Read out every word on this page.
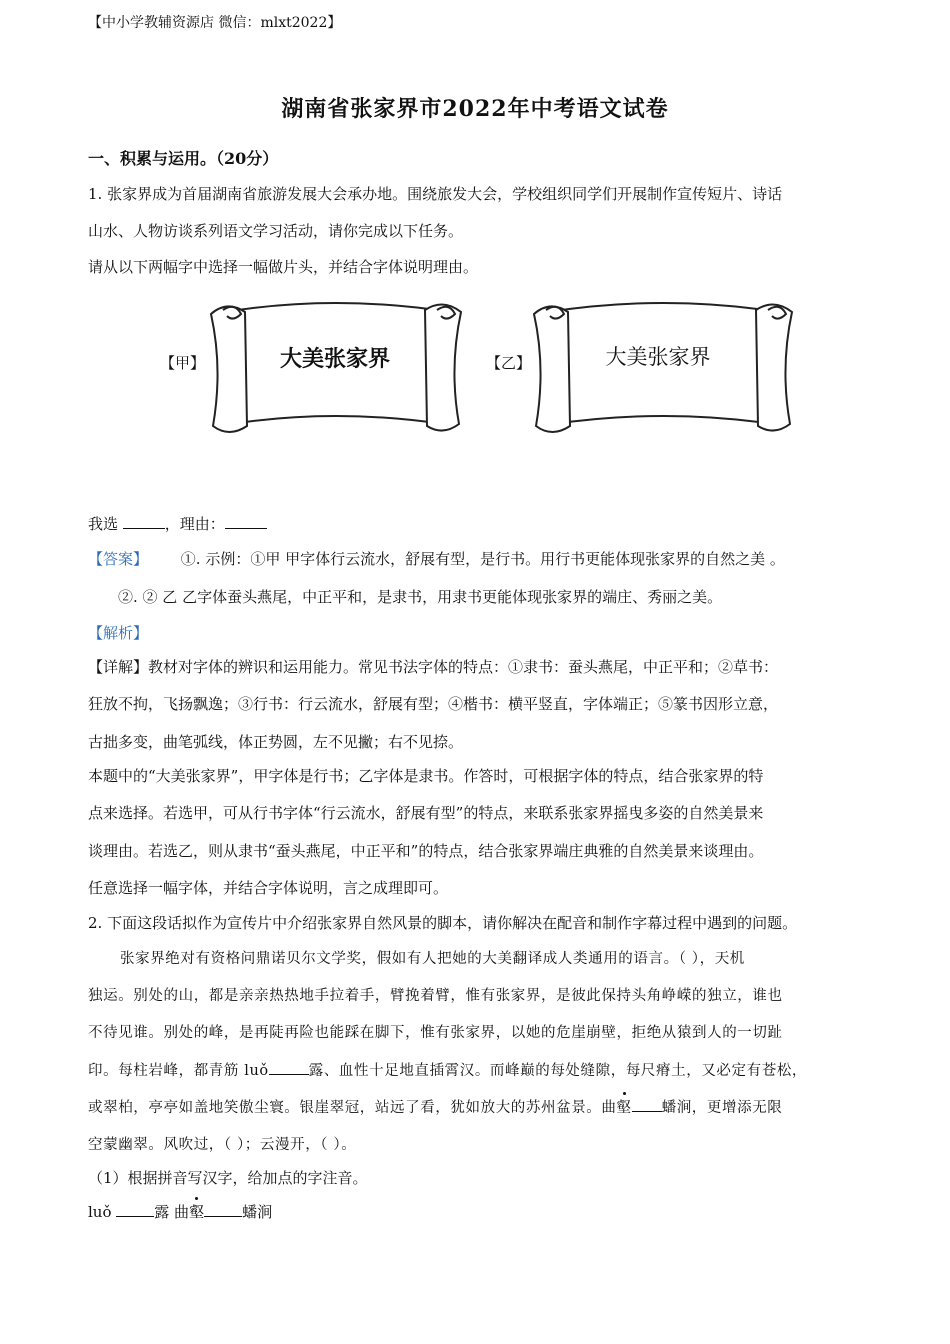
【中小学教辅资源店 微信：mlxt2022】
湖南省张家界市2022年中考语文试卷
一、积累与运用。（20分）
1. 张家界成为首届湖南省旅游发展大会承办地。围绕旅发大会，学校组织同学们开展制作宣传短片、诗话
山水、人物访谈系列语文学习活动，请你完成以下任务。
请从以下两幅字中选择一幅做片头，并结合字体说明理由。
【甲】	大美张家界	【乙】	大美张家界
我选	，理由：
【答案】 ①. 示例：①甲 甲字体行云流水，舒展有型，是行书。用行书更能体现张家界的自然之美 。
②. ② 乙 乙字体蚕头燕尾，中正平和，是隶书，用隶书更能体现张家界的端庄、秀丽之美。
【解析】
【详解】教材对字体的辨识和运用能力。常见书法字体的特点：①隶书：蚕头燕尾，中正平和；②草书：
狂放不拘，飞扬飘逸；③行书：行云流水，舒展有型；④楷书：横平竖直，字体端正；⑤篆书因形立意，
古拙多变，曲笔弧线，体正势圆，左不见撇；右不见捺。
本题中的“大美张家界”，甲字体是行书；乙字体是隶书。作答时，可根据字体的特点，结合张家界的特
点来选择。若选甲，可从行书字体“行云流水，舒展有型”的特点，来联系张家界摇曳多姿的自然美景来
谈理由。若选乙，则从隶书“蚕头燕尾，中正平和”的特点，结合张家界端庄典雅的自然美景来谈理由。
任意选择一幅字体，并结合字体说明，言之成理即可。
2. 下面这段话拟作为宣传片中介绍张家界自然风景的脚本，请你解决在配音和制作字幕过程中遇到的问题。
张家界绝对有资格问鼎诺贝尔文学奖，假如有人把她的大美翻译成人类通用的语言。（ ），天机
独运。别处的山，都是亲亲热热地手拉着手，臂挽着臂，惟有张家界，是彼此保持头角峥嵘的独立，谁也
不待见谁。别处的峰，是再陡再险也能踩在脚下，惟有张家界，以她的危崖崩壁，拒绝从猿到人的一切趾
印。每柱岩峰，都青筋 luǒ	露、血性十足地直插霄汉。而峰巅的每处缝隙，每尺瘠土，又必定有苍松，
或翠柏，亭亭如盖地笑傲尘寰。银崖翠冠，站远了看，犹如放大的苏州盆景。曲壑 蟠涧，更增添无限
空蒙幽翠。风吹过，（ ）；云漫开，（ ）。
（1）根据拼音写汉字，给加点的字注音。
luǒ	露 曲壑	蟠涧
